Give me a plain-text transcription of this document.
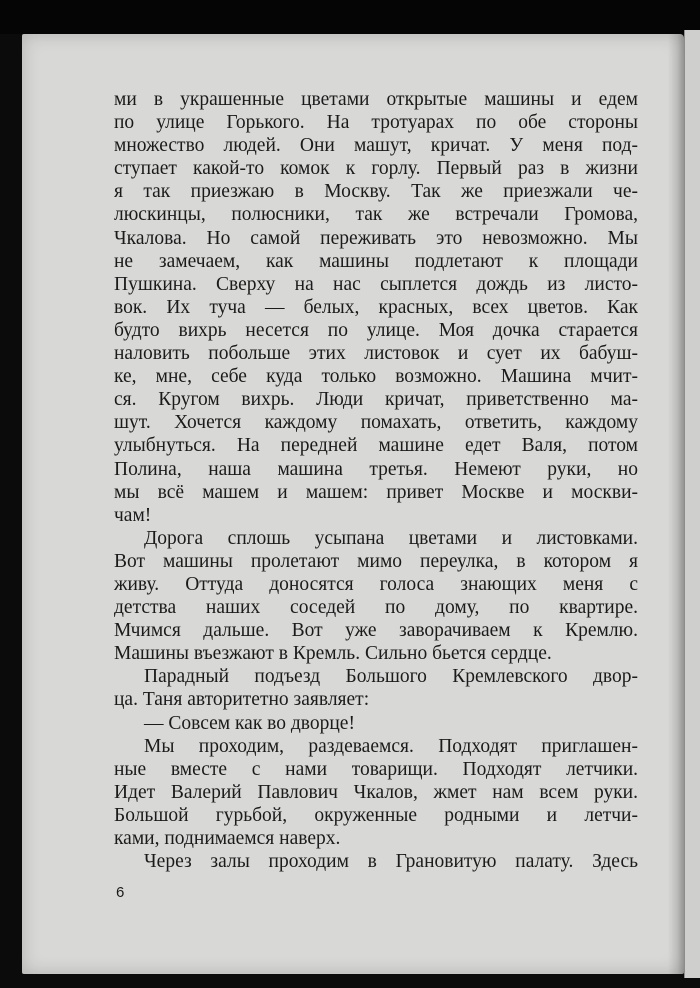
ми в украшенные цветами открытые машины и едем
по улице Горького. На тротуарах по обе стороны
множество людей. Они машут, кричат. У меня под-
ступает какой-то комок к горлу. Первый раз в жизни
я так приезжаю в Москву. Так же приезжали че-
люскинцы, полюсники, так же встречали Громова,
Чкалова. Но самой переживать это невозможно. Мы
не замечаем, как машины подлетают к площади
Пушкина. Сверху на нас сыплется дождь из листо-
вок. Их туча — белых, красных, всех цветов. Как
будто вихрь несется по улице. Моя дочка старается
наловить побольше этих листовок и сует их бабуш-
ке, мне, себе куда только возможно. Машина мчит-
ся. Кругом вихрь. Люди кричат, приветственно ма-
шут. Хочется каждому помахать, ответить, каждому
улыбнуться. На передней машине едет Валя, потом
Полина, наша машина третья. Немеют руки, но
мы всё машем и машем: привет Москве и москви-
чам!
Дорога сплошь усыпана цветами и листовками.
Вот машины пролетают мимо переулка, в котором я
живу. Оттуда доносятся голоса знающих меня с
детства наших соседей по дому, по квартире.
Мчимся дальше. Вот уже заворачиваем к Кремлю.
Машины въезжают в Кремль. Сильно бьется сердце.
Парадный подъезд Большого Кремлевского двор-
ца. Таня авторитетно заявляет:
— Совсем как во дворце!
Мы проходим, раздеваемся. Подходят приглашен-
ные вместе с нами товарищи. Подходят летчики.
Идет Валерий Павлович Чкалов, жмет нам всем руки.
Большой гурьбой, окруженные родными и летчи-
ками, поднимаемся наверх.
Через залы проходим в Грановитую палату. Здесь
6
